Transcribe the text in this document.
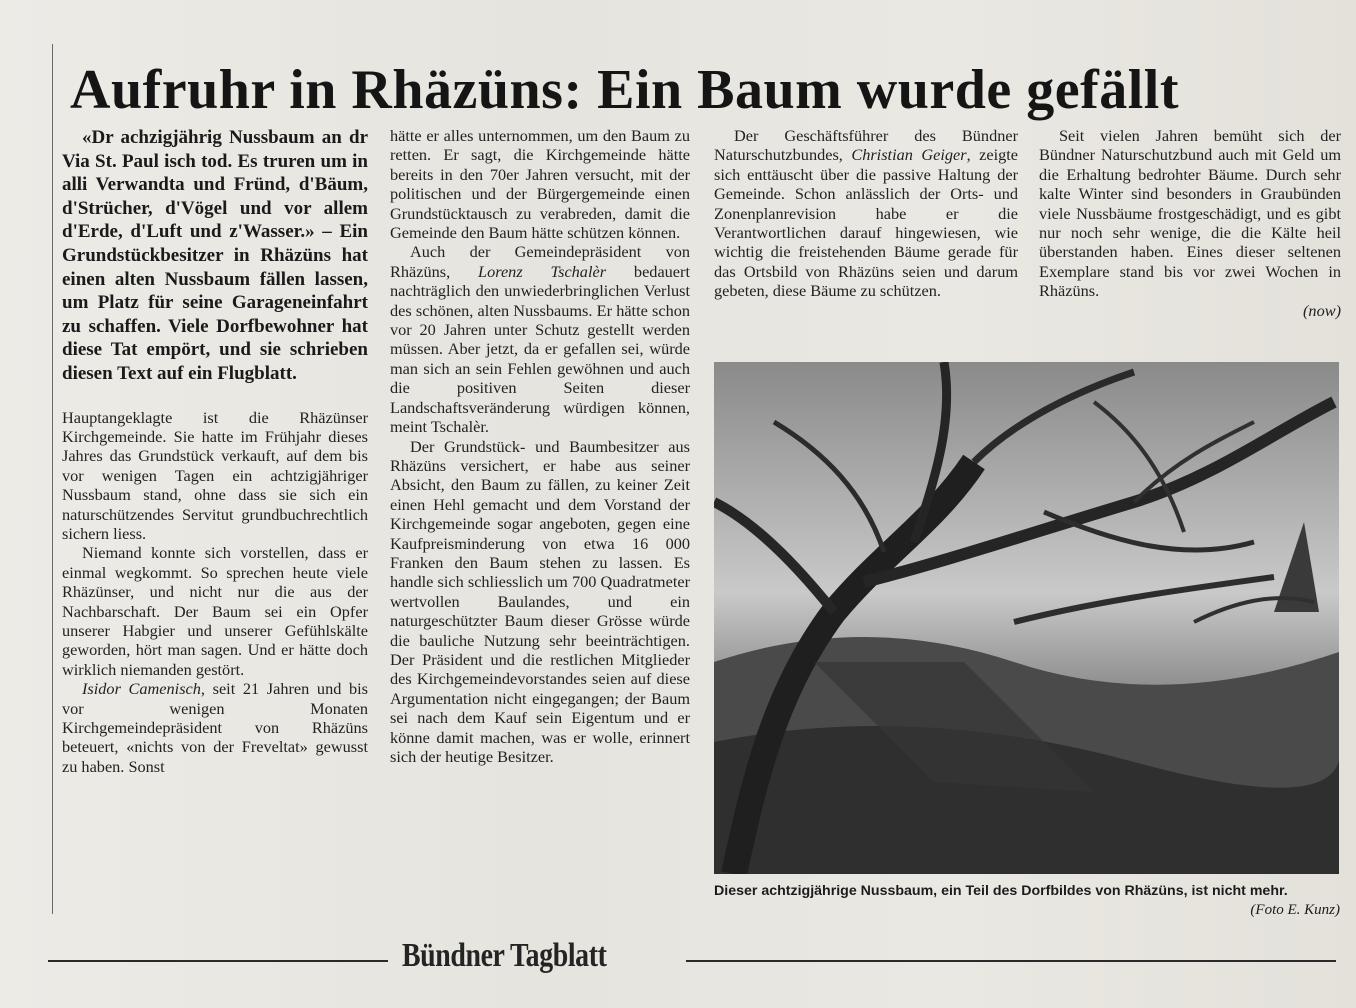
Aufruhr in Rhäzüns: Ein Baum wurde gefällt

«Dr achzigjährig Nussbaum an dr Via St. Paul isch tod. Es truren um in alli Verwandta und Fründ, d'Bäum, d'Strücher, d'Vögel und vor allem d'Erde, d'Luft und z'Wasser.» – Ein Grundstückbesitzer in Rhäzüns hat einen alten Nussbaum fällen lassen, um Platz für seine Garageneinfahrt zu schaffen. Viele Dorfbewohner hat diese Tat empört, und sie schrieben diesen Text auf ein Flugblatt.

Hauptangeklagte ist die Rhäzünser Kirchgemeinde. Sie hatte im Frühjahr dieses Jahres das Grundstück verkauft, auf dem bis vor wenigen Tagen ein achtzigjähriger Nussbaum stand, ohne dass sie sich ein naturschützendes Servitut grundbuchrechtlich sichern liess.

Niemand konnte sich vorstellen, dass er einmal wegkommt. So sprechen heute viele Rhäzünser, und nicht nur die aus der Nachbarschaft. Der Baum sei ein Opfer unserer Habgier und unserer Gefühlskälte geworden, hört man sagen. Und er hätte doch wirklich niemanden gestört.

Isidor Camenisch, seit 21 Jahren und bis vor wenigen Monaten Kirchgemeindepräsident von Rhäzüns beteuert, «nichts von der Freveltat» gewusst zu haben. Sonst

hätte er alles unternommen, um den Baum zu retten. Er sagt, die Kirchgemeinde hätte bereits in den 70er Jahren versucht, mit der politischen und der Bürgergemeinde einen Grundstücktausch zu verabreden, damit die Gemeinde den Baum hätte schützen können.

Auch der Gemeindepräsident von Rhäzüns, Lorenz Tschalèr bedauert nachträglich den unwiederbringlichen Verlust des schönen, alten Nussbaums. Er hätte schon vor 20 Jahren unter Schutz gestellt werden müssen. Aber jetzt, da er gefallen sei, würde man sich an sein Fehlen gewöhnen und auch die positiven Seiten dieser Landschaftsveränderung würdigen können, meint Tschalèr.

Der Grundstück- und Baumbesitzer aus Rhäzüns versichert, er habe aus seiner Absicht, den Baum zu fällen, zu keiner Zeit einen Hehl gemacht und dem Vorstand der Kirchgemeinde sogar angeboten, gegen eine Kaufpreisminderung von etwa 16 000 Franken den Baum stehen zu lassen. Es handle sich schliesslich um 700 Quadratmeter wertvollen Baulandes, und ein naturgeschützter Baum dieser Grösse würde die bauliche Nutzung sehr beeinträchtigen. Der Präsident und die restlichen Mitglieder des Kirchgemeindevorstandes seien auf diese Argumentation nicht eingegangen; der Baum sei nach dem Kauf sein Eigentum und er könne damit machen, was er wolle, erinnert sich der heutige Besitzer.

Der Geschäftsführer des Bündner Naturschutzbundes, Christian Geiger, zeigte sich enttäuscht über die passive Haltung der Gemeinde. Schon anlässlich der Orts- und Zonenplanrevision habe er die Verantwortlichen darauf hingewiesen, wie wichtig die freistehenden Bäume gerade für das Ortsbild von Rhäzüns seien und darum gebeten, diese Bäume zu schützen.

Seit vielen Jahren bemüht sich der Bündner Naturschutzbund auch mit Geld um die Erhaltung bedrohter Bäume. Durch sehr kalte Winter sind besonders in Graubünden viele Nussbäume frostgeschädigt, und es gibt nur noch sehr wenige, die die Kälte heil überstanden haben. Eines dieser seltenen Exemplare stand bis vor zwei Wochen in Rhäzüns.

(now)

Dieser achtzigjährige Nussbaum, ein Teil des Dorfbildes von Rhäzüns, ist nicht mehr.
(Foto E. Kunz)
Bündner Tagblatt
